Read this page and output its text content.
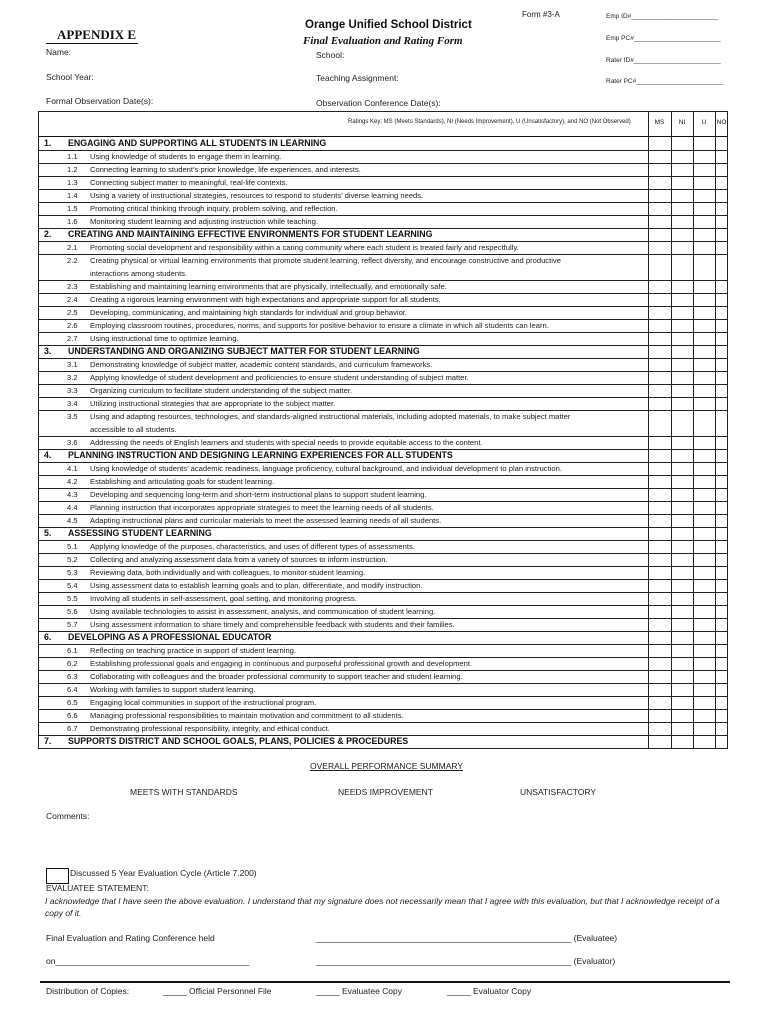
APPENDIX E
Orange Unified School District
Final Evaluation and Rating Form
Form #3-A
Name:	School:
School Year:	Teaching Assignment:
Formal Observation Date(s):	Observation Conference Date(s):
Emp ID#________________________
Emp PC#________________________
Rater ID#________________________
Rater PC#________________________
Ratings Key: MS (Meets Standards), NI (Needs Improvement), U (Unsatisfactory), and NO (Not Observed)	MS	NI	U	NO
1. ENGAGING AND SUPPORTING ALL STUDENTS IN LEARNING
1.1	Using knowledge of students to engage them in learning.
1.2	Connecting learning to student’s prior knowledge, life experiences, and interests.
1.3	Connecting subject matter to meaningful, real-life contexts.
1.4	Using a variety of instructional strategies, resources to respond to students’ diverse learning needs.
1.5	Promoting critical thinking through inquiry, problem solving, and reflection.
1.6	Monitoring student learning and adjusting instruction while teaching.
2. CREATING AND MAINTAINING EFFECTIVE ENVIRONMENTS FOR STUDENT LEARNING
2.1	Promoting social development and responsibility within a caring community where each student is treated fairly and respectfully.
2.2	Creating physical or virtual learning environments that promote student learning, reflect diversity, and encourage constructive and productive
interactions among students.
2.3	Establishing and maintaining learning environments that are physically, intellectually, and emotionally safe.
2.4	Creating a rigorous learning environment with high expectations and appropriate support for all students.
2.5	Developing, communicating, and maintaining high standards for individual and group behavior.
2.6	Employing classroom routines, procedures, norms, and supports for positive behavior to ensure a climate in which all students can learn.
2.7	Using instructional time to optimize learning.
3. UNDERSTANDING AND ORGANIZING SUBJECT MATTER FOR STUDENT LEARNING
3.1	Demonstrating knowledge of subject matter, academic content standards, and curriculum frameworks.
3.2	Applying knowledge of student development and proficiencies to ensure student understanding of subject matter.
3.3	Organizing curriculum to facilitate student understanding of the subject matter.
3.4	Utilizing instructional strategies that are appropriate to the subject matter.
3.5	Using and adapting resources, technologies, and standards-aligned instructional materials, including adopted materials, to make subject matter
accessible to all students.
3.6	Addressing the needs of English learners and students with special needs to provide equitable access to the content.
4. PLANNING INSTRUCTION AND DESIGNING LEARNING EXPERIENCES FOR ALL STUDENTS
4.1	Using knowledge of students’ academic readiness, language proficiency, cultural background, and individual development to plan instruction.
4.2	Establishing and articulating goals for student learning.
4.3	Developing and sequencing long-term and short-term instructional plans to support student learning.
4.4	Planning instruction that incorporates appropriate strategies to meet the learning needs of all students.
4.5	Adapting instructional plans and curricular materials to meet the assessed learning needs of all students.
5. ASSESSING STUDENT LEARNING
5.1	Applying knowledge of the purposes, characteristics, and uses of different types of assessments.
5.2	Collecting and analyzing assessment data from a variety of sources to inform instruction.
5.3	Reviewing data, both individually and with colleagues, to monitor student learning.
5.4	Using assessment data to establish learning goals and to plan, differentiate, and modify instruction.
5.5	Involving all students in self-assessment, goal setting, and monitoring progress.
5.6	Using available technologies to assist in assessment, analysis, and communication of student learning.
5.7	Using assessment information to share timely and comprehensible feedback with students and their families.
6. DEVELOPING AS A PROFESSIONAL EDUCATOR
6.1	Reflecting on teaching practice in support of student learning.
6.2	Establishing professional goals and engaging in continuous and purposeful professional growth and development.
6.3	Collaborating with colleagues and the broader professional community to support teacher and student learning.
6.4	Working with families to support student learning.
6.5	Engaging local communities in support of the instructional program.
6.6	Managing professional responsibilities to maintain motivation and commitment to all students.
6.7	Demonstrating professional responsibility, integrity, and ethical conduct.
7. SUPPORTS DISTRICT AND SCHOOL GOALS, PLANS, POLICIES & PROCEDURES
OVERALL PERFORMANCE SUMMARY
MEETS WITH STANDARDS	NEEDS IMPROVEMENT	UNSATISFACTORY
Comments:
Discussed 5 Year Evaluation Cycle (Article 7.200)
EVALUATEE STATEMENT:
I acknowledge that I have seen the above evaluation. I understand that my signature does not necessarily mean that I agree with this evaluation, but that I acknowledge receipt of a copy of it.
Final Evaluation and Rating Conference held	______________________________________________________ (Evaluatee)
on_________________________________________	______________________________________________________ (Evaluator)
Distribution of Copies:	_____ Official Personnel File	_____ Evaluatee Copy	_____ Evaluator Copy
